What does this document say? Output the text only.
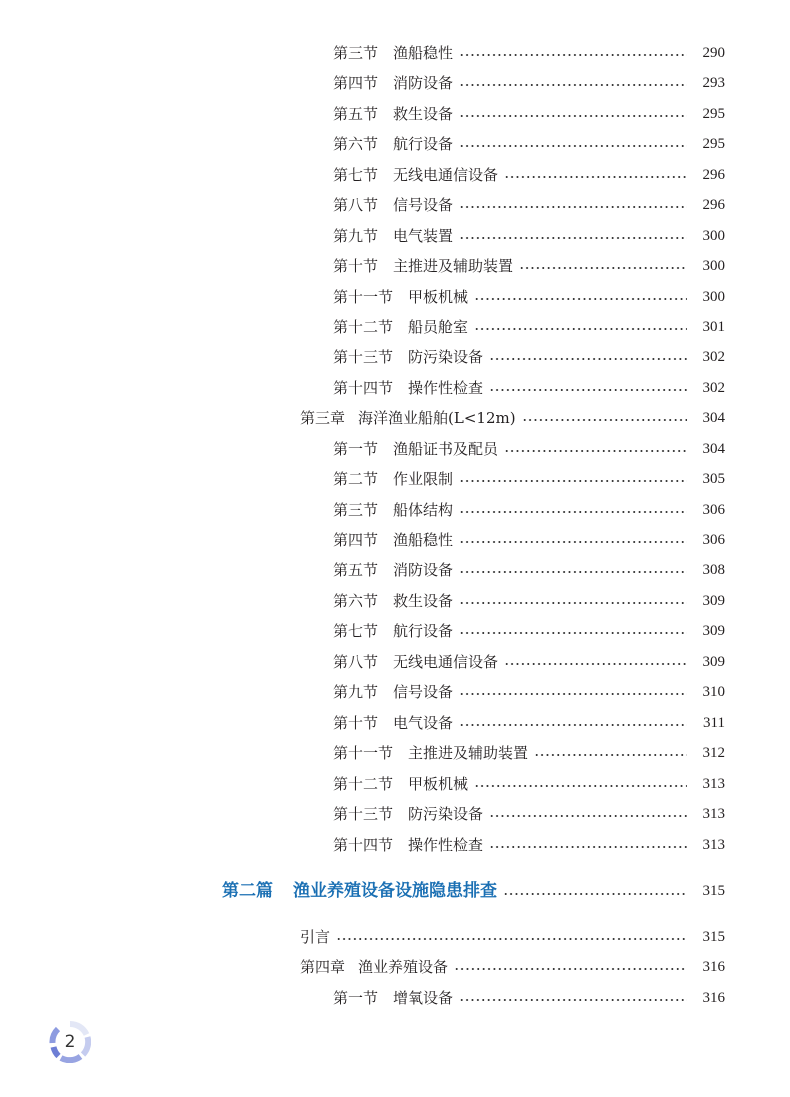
第三节 渔船稳性	290
第四节 消防设备	293
第五节 救生设备	295
第六节 航行设备	295
第七节 无线电通信设备	296
第八节 信号设备	296
第九节 电气装置	300
第十节 主推进及辅助装置	300
第十一节 甲板机械	300
第十二节 船员舱室	301
第十三节 防污染设备	302
第十四节 操作性检查	302
第三章 海洋渔业船舶(L<12m)	304
第一节 渔船证书及配员	304
第二节 作业限制	305
第三节 船体结构	306
第四节 渔船稳性	306
第五节 消防设备	308
第六节 救生设备	309
第七节 航行设备	309
第八节 无线电通信设备	309
第九节 信号设备	310
第十节 电气设备	311
第十一节 主推进及辅助装置	312
第十二节 甲板机械	313
第十三节 防污染设备	313
第十四节 操作性检查	313
第二篇 渔业养殖设备设施隐患排查	315
引言	315
第四章 渔业养殖设备	316
第一节 增氧设备	316
2
